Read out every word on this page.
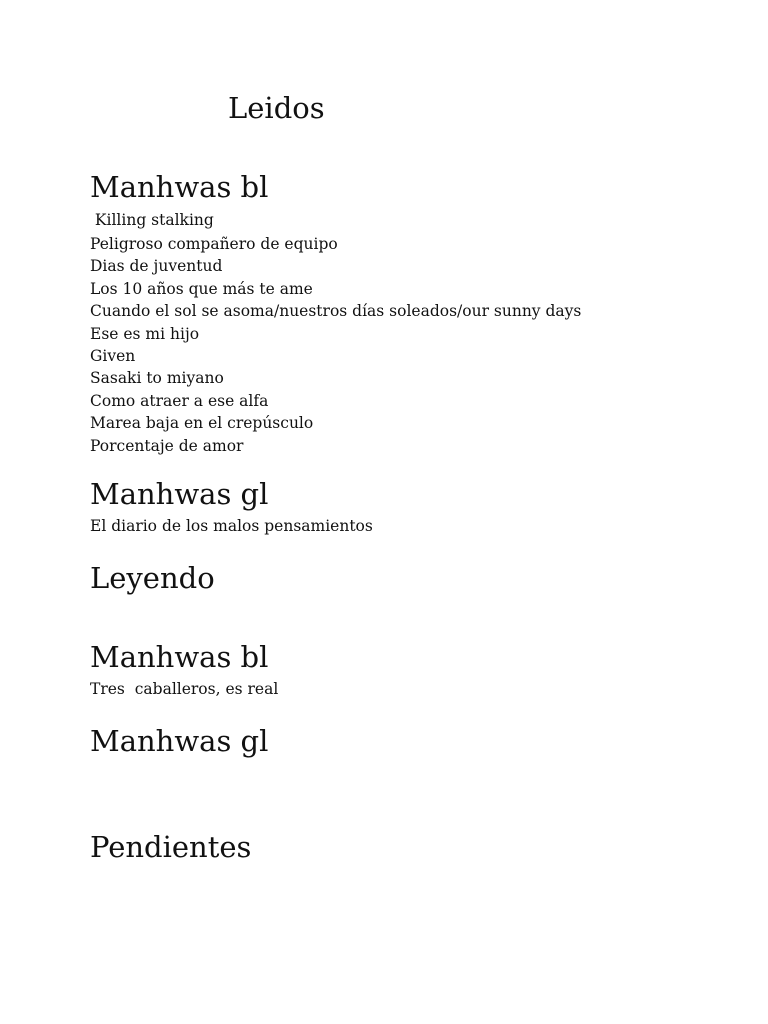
Leidos
Manhwas bl
Killing stalking
Peligroso compañero de equipo
Dias de juventud
Los 10 años que más te ame
Cuando el sol se asoma/nuestros días soleados/our sunny days
Ese es mi hijo
Given
Sasaki to miyano
Como atraer a ese alfa
Marea baja en el crepúsculo
Porcentaje de amor
Manhwas gl
El diario de los malos pensamientos
Leyendo
Manhwas bl
Tres  caballeros, es real
Manhwas gl
Pendientes
